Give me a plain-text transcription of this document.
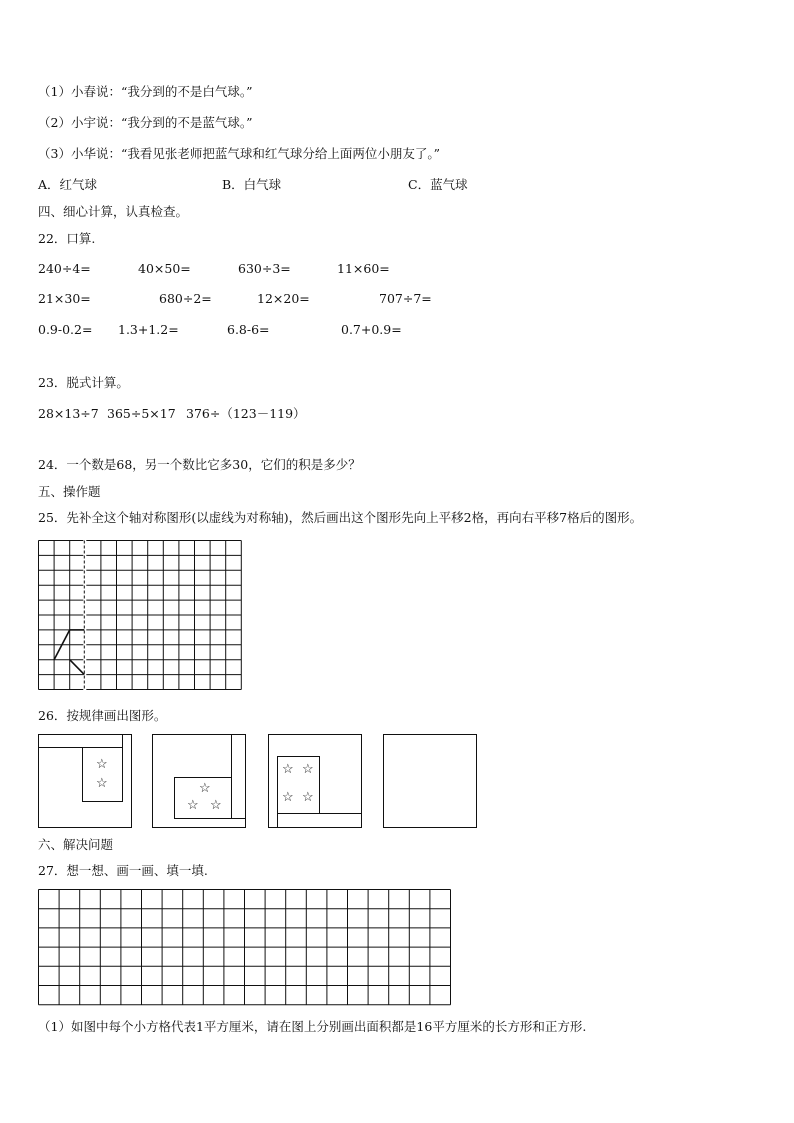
（1）小春说：“我分到的不是白气球。”
（2）小宇说：“我分到的不是蓝气球。”
（3）小华说：“我看见张老师把蓝气球和红气球分给上面两位小朋友了。”
A．红气球	B．白气球	C．蓝气球
四、细心计算，认真检查。
22．口算.
240÷4=	40×50=	630÷3=	11×60=
21×30=	680÷2=	12×20=	707÷7=
0.9-0.2= 1.3+1.2=	6.8-6=	0.7+0.9=
23．脱式计算。
28×13÷7 365÷5×17 376÷（123－119）
24．一个数是68，另一个数比它多30，它们的积是多少？
五、操作题
25．先补全这个轴对称图形(以虚线为对称轴)，然后画出这个图形先向上平移2格，再向右平移7格后的图形。
26．按规律画出图形。
☆
☆	☆
☆ ☆
☆ ☆
☆ ☆
六、解决问题
27．想一想、画一画、填一填.
（1）如图中每个小方格代表1平方厘米，请在图上分别画出面积都是16平方厘米的长方形和正方形.
